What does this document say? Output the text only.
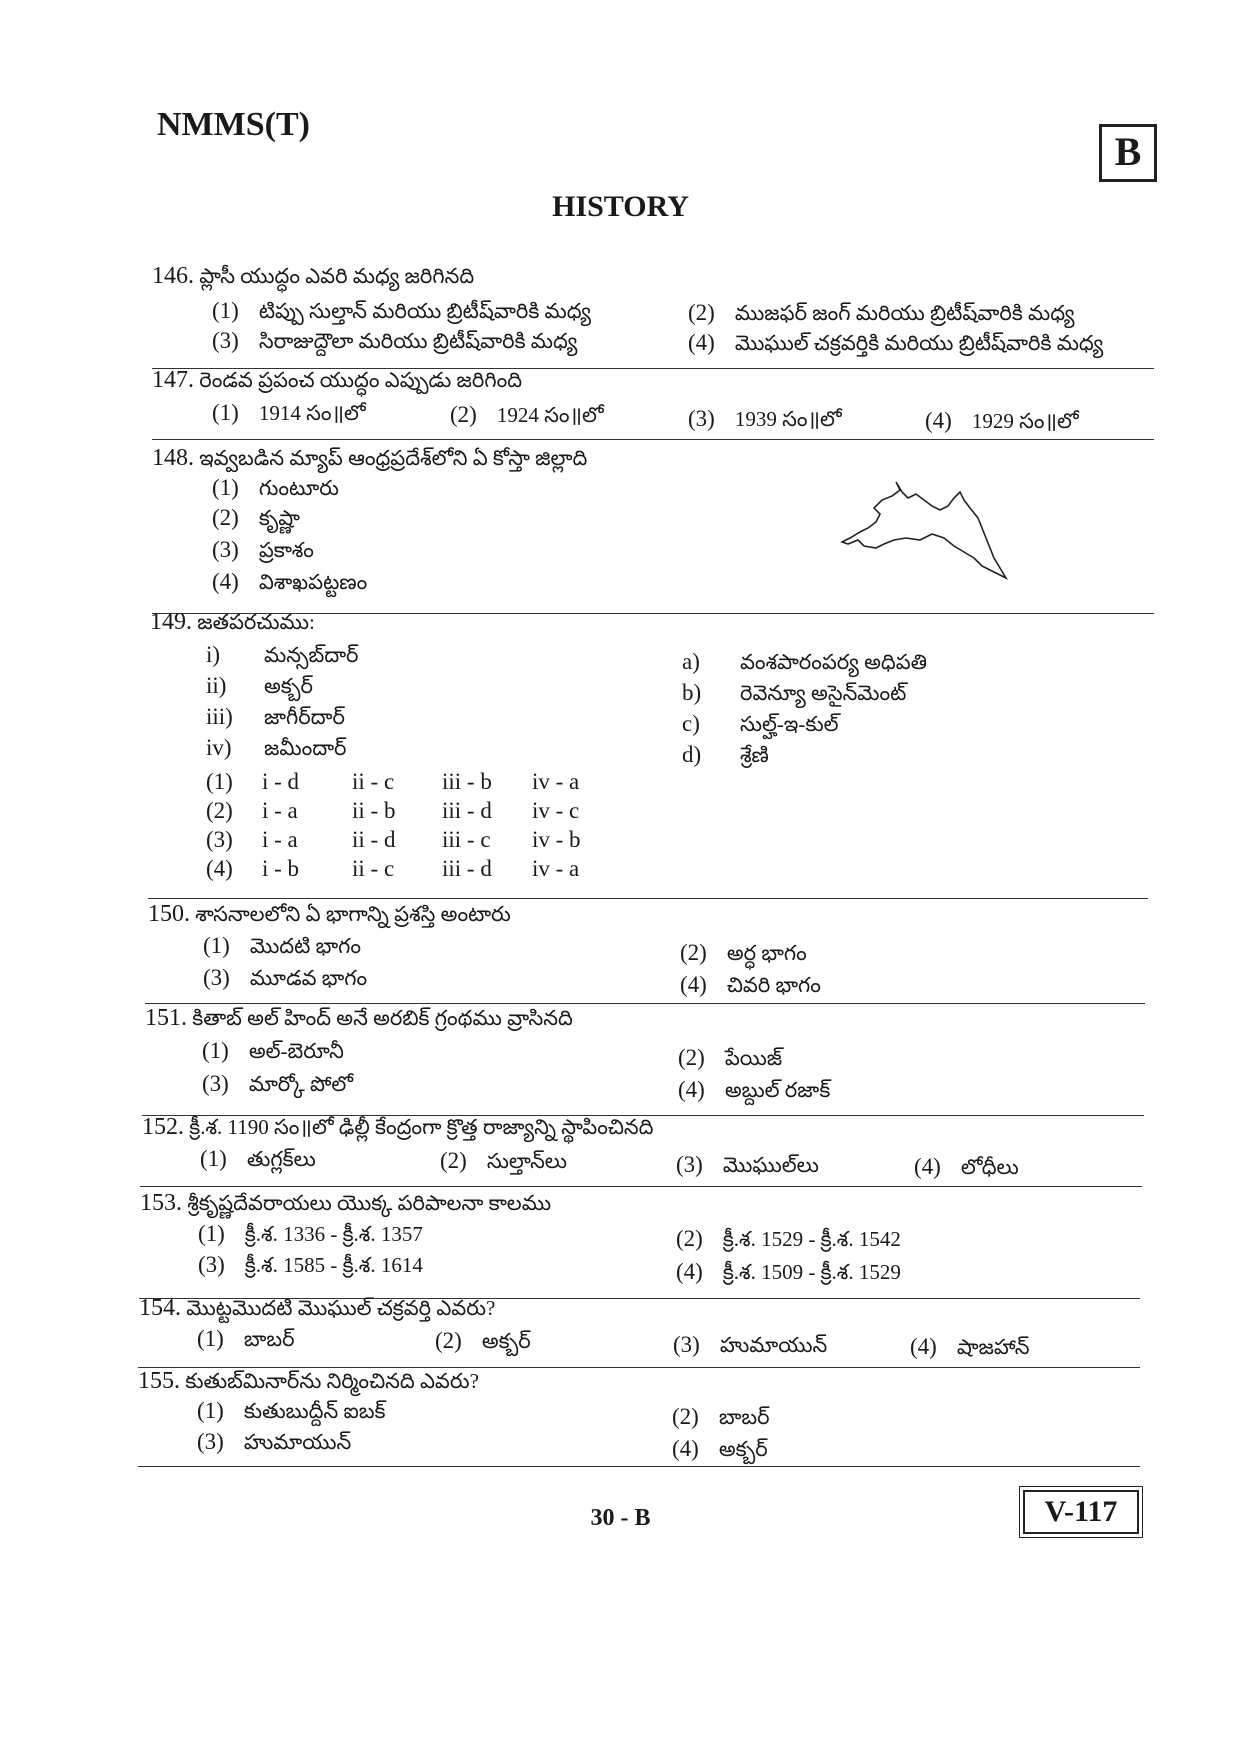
NMMS(T)
B
HISTORY
146. ప్లాసీ యుద్ధం ఎవరి మధ్య జరిగినది
(1) టిప్పు సుల్తాన్ మరియు బ్రిటీష్‌వారికి మధ్య	(2) ముజఫర్ జంగ్ మరియు బ్రిటీష్‌వారికి మధ్య
(3) సిరాజుద్దౌలా మరియు బ్రిటీష్‌వారికి మధ్య	(4) మొఘుల్ చక్రవర్తికి మరియు బ్రిటీష్‌వారికి మధ్య
147. రెండవ ప్రపంచ యుద్ధం ఎప్పుడు జరిగింది
(1) 1914 సం॥లో	(2) 1924 సం॥లో	(3) 1939 సం॥లో	(4) 1929 సం॥లో
148. ఇవ్వబడిన మ్యాప్ ఆంధ్రప్రదేశ్‌లోని ఏ కోస్తా జిల్లాది
(1) గుంటూరు
(2) కృష్ణా
(3) ప్రకాశం
(4) విశాఖపట్టణం
149. జతపరచుము:
i) మన్సబ్‌దార్
ii) అక్బర్
iii) జాగీర్‌దార్
iv) జమీందార్
a) వంశపారంపర్య అధిపతి
b) రెవెన్యూ అసైన్‌మెంట్
c) సుల్హ్-ఇ-కుల్
d) శ్రేణి
(1) i - d ii - c iii - b iv - a
(2) i - a ii - b iii - d iv - c
(3) i - a ii - d iii - c iv - b
(4) i - b ii - c iii - d iv - a
150. శాసనాలలోని ఏ భాగాన్ని ప్రశస్తి అంటారు
(1) మొదటి భాగం	(2) అర్ధ భాగం
(3) మూడవ భాగం	(4) చివరి భాగం
151. కితాబ్ అల్ హింద్ అనే అరబిక్ గ్రంథము వ్రాసినది
(1) అల్-బెరూనీ	(2) పేయిజ్
(3) మార్కో పోలో	(4) అబ్దుల్ రజాక్
152. క్రీ.శ. 1190 సం॥లో ఢిల్లీ కేంద్రంగా క్రొత్త రాజ్యాన్ని స్థాపించినది
(1) తుగ్లక్‌లు	(2) సుల్తాన్‌లు	(3) మొఘుల్‌లు	(4) లోధీలు
153. శ్రీకృష్ణదేవరాయలు యొక్క పరిపాలనా కాలము
(1) క్రీ.శ. 1336 - క్రీ.శ. 1357	(2) క్రీ.శ. 1529 - క్రీ.శ. 1542
(3) క్రీ.శ. 1585 - క్రీ.శ. 1614	(4) క్రీ.శ. 1509 - క్రీ.శ. 1529
154. మొట్టమొదటి మొఘుల్ చక్రవర్తి ఎవరు?
(1) బాబర్	(2) అక్బర్	(3) హుమాయున్	(4) షాజహాన్
155. కుతుబ్‌మినార్‌ను నిర్మించినది ఎవరు?
(1) కుతుబుద్దీన్ ఐబక్	(2) బాబర్
(3) హుమాయున్	(4) అక్బర్
30 - B	V-117
